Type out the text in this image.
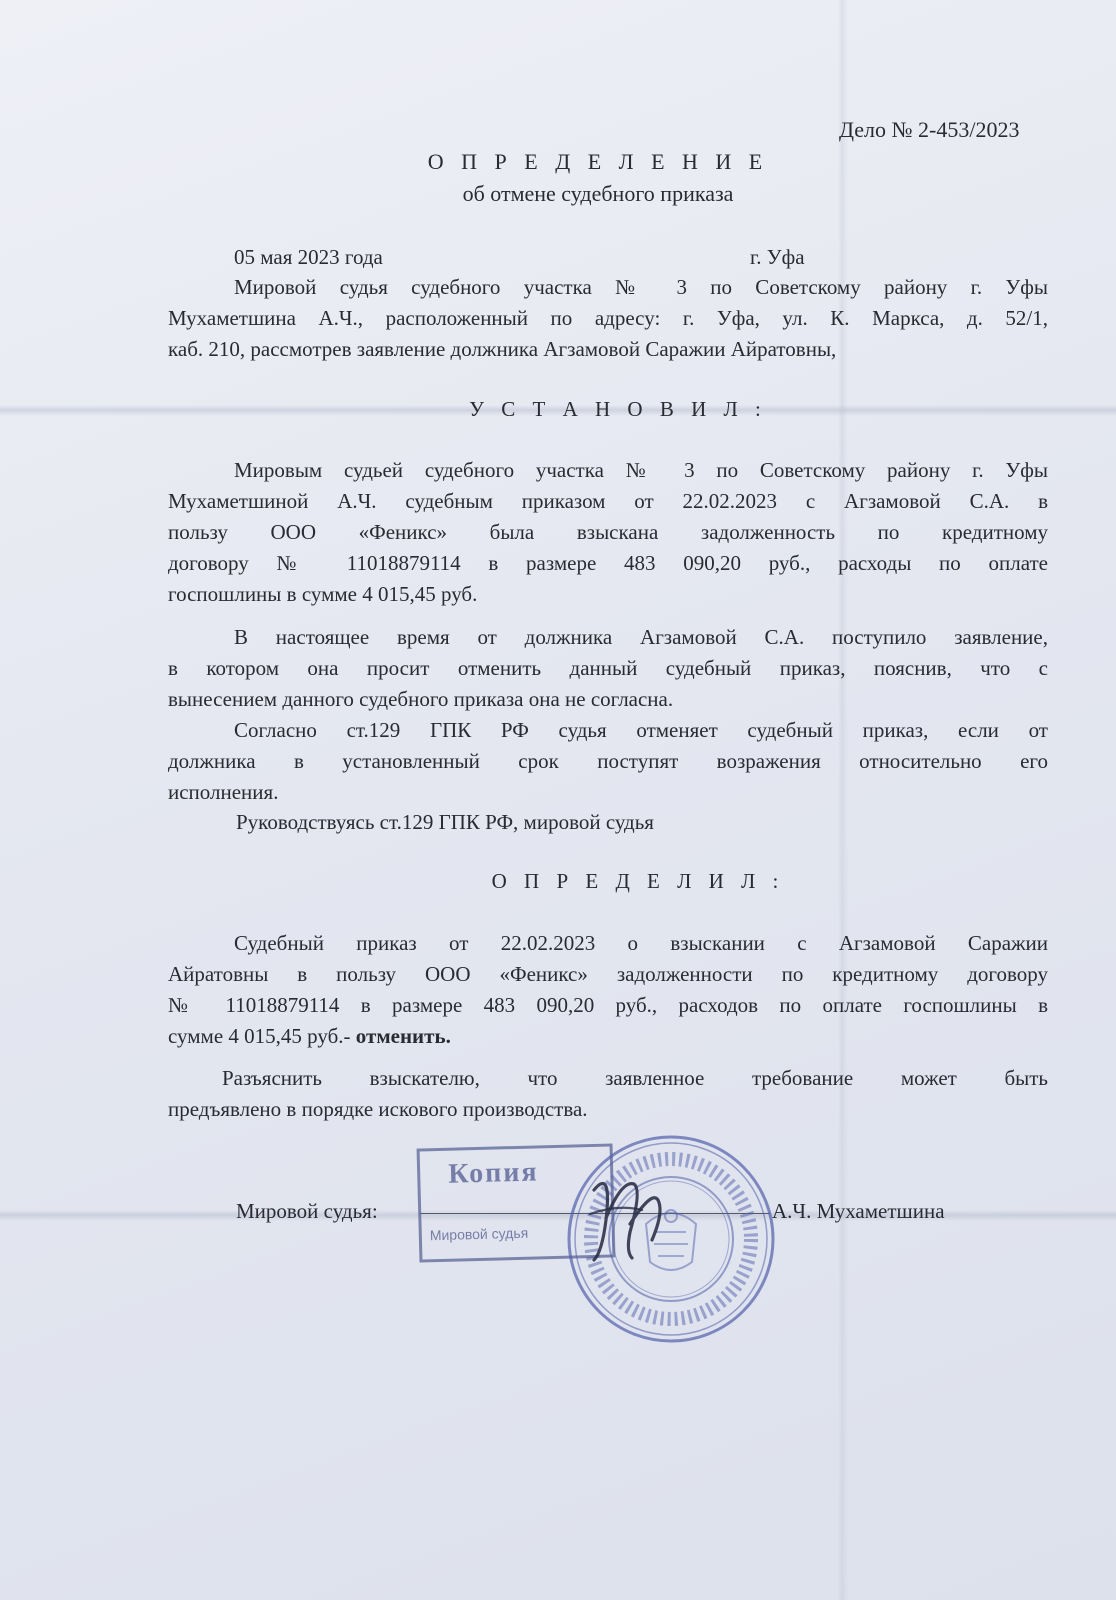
Дело № 2-453/2023
О П Р Е Д Е Л Е Н И Е
об отмене судебного приказа
05 мая 2023 года	г. Уфа
Мировой судья судебного участка № 3 по Советскому району г. Уфы
Мухаметшина А.Ч., расположенный по адресу: г. Уфа, ул. К. Маркса, д. 52/1,
каб. 210, рассмотрев заявление должника Агзамовой Саражии Айратовны,
У С Т А Н О В И Л :
Мировым судьей судебного участка № 3 по Советскому району г. Уфы
Мухаметшиной А.Ч. судебным приказом от 22.02.2023 с Агзамовой С.А. в
пользу ООО «Феникс» была взыскана задолженность по кредитному
договору № 11018879114 в размере 483 090,20 руб., расходы по оплате
госпошлины в сумме 4 015,45 руб.
В настоящее время от должника Агзамовой С.А. поступило заявление,
в котором она просит отменить данный судебный приказ, пояснив, что с
вынесением данного судебного приказа она не согласна.
Согласно ст.129 ГПК РФ судья отменяет судебный приказ, если от
должника в установленный срок поступят возражения относительно его
исполнения.
Руководствуясь ст.129 ГПК РФ, мировой судья
О П Р Е Д Е Л И Л :
Судебный приказ от 22.02.2023 о взыскании с Агзамовой Саражии
Айратовны в пользу ООО «Феникс» задолженности по кредитному договору
№ 11018879114 в размере 483 090,20 руб., расходов по оплате госпошлины в
сумме 4 015,45 руб.- отменить.
Разъяснить взыскателю, что заявленное требование может быть
предъявлено в порядке искового производства.
Мировой судья:	А.Ч. Мухаметшина
Копия
Мировой судья
